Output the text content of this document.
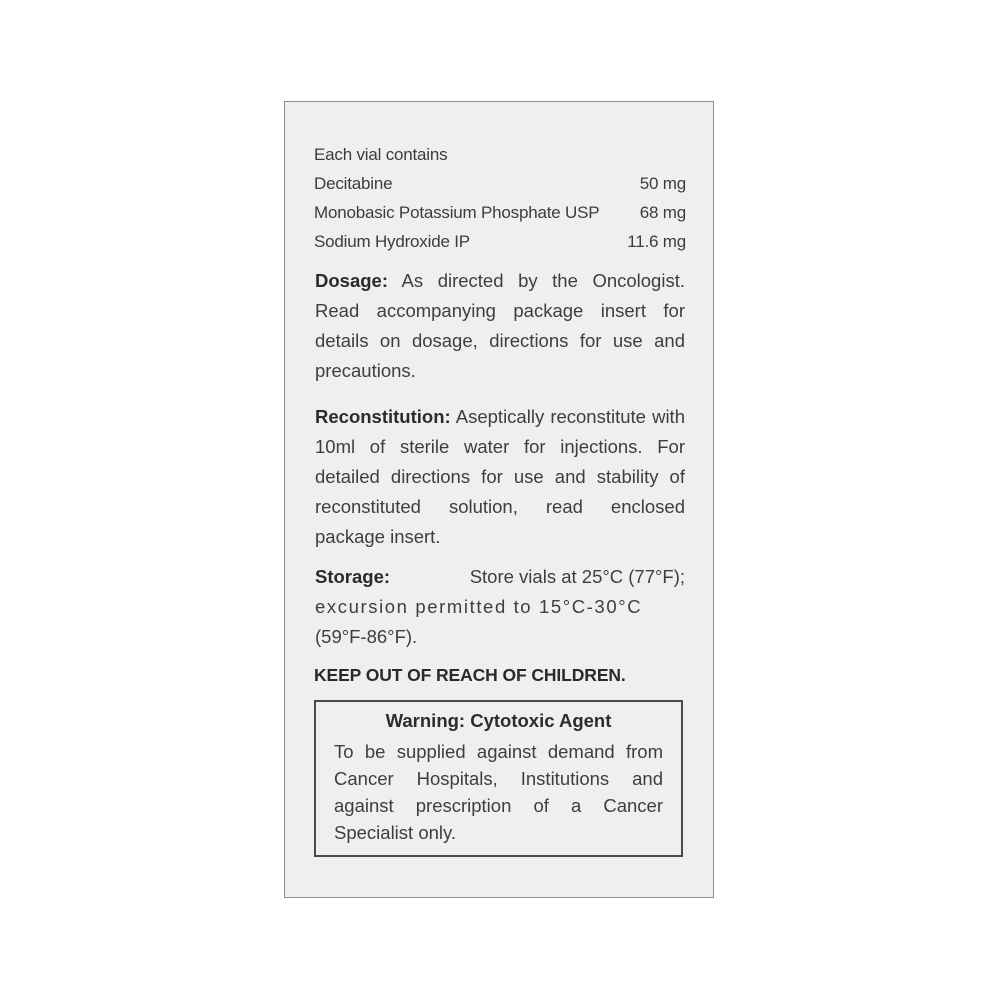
Each vial contains
Decitabine	50 mg
Monobasic Potassium Phosphate USP 68 mg
Sodium Hydroxide IP	11.6 mg
Dosage: As directed by the Oncologist. Read accompanying package insert for details on dosage, directions for use and precautions.
Reconstitution: Aseptically reconstitute with 10ml of sterile water for injections. For detailed directions for use and stability of reconstituted solution, read enclosed package insert.
Storage:	Store vials at 25°C (77°F);
excursion permitted to 15°C-30°C
(59°F-86°F).
KEEP OUT OF REACH OF CHILDREN.
Warning: Cytotoxic Agent
To be supplied against demand from Cancer Hospitals, Institutions and against prescription of a Cancer Specialist only.
